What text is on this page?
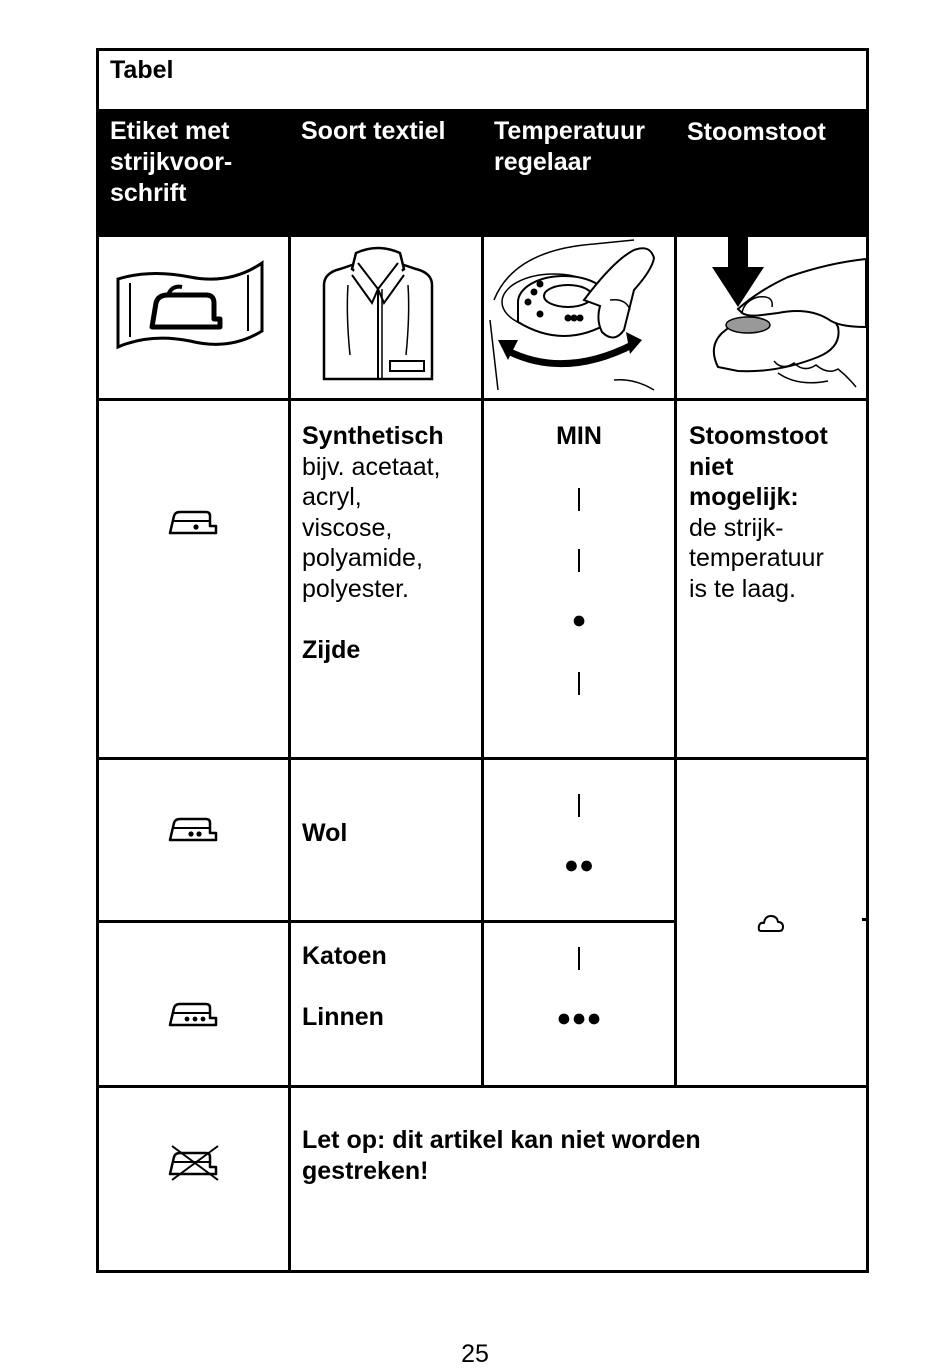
Tabel
Etiket met
strijkvoor-
schrift
Soort textiel Temperatuur
regelaar
Stoomstoot
Synthetisch
bijv. acetaat,
acryl,
viscose,
polyamide,
polyester.
Zijde
MIN
|
|
●
|
Stoomstoot
niet
mogelijk:
de strijk-
temperatuur
is te laag.
Wol
|
●●
Katoen
Linnen
|
●●●
Let op: dit artikel kan niet worden
gestreken!
25
